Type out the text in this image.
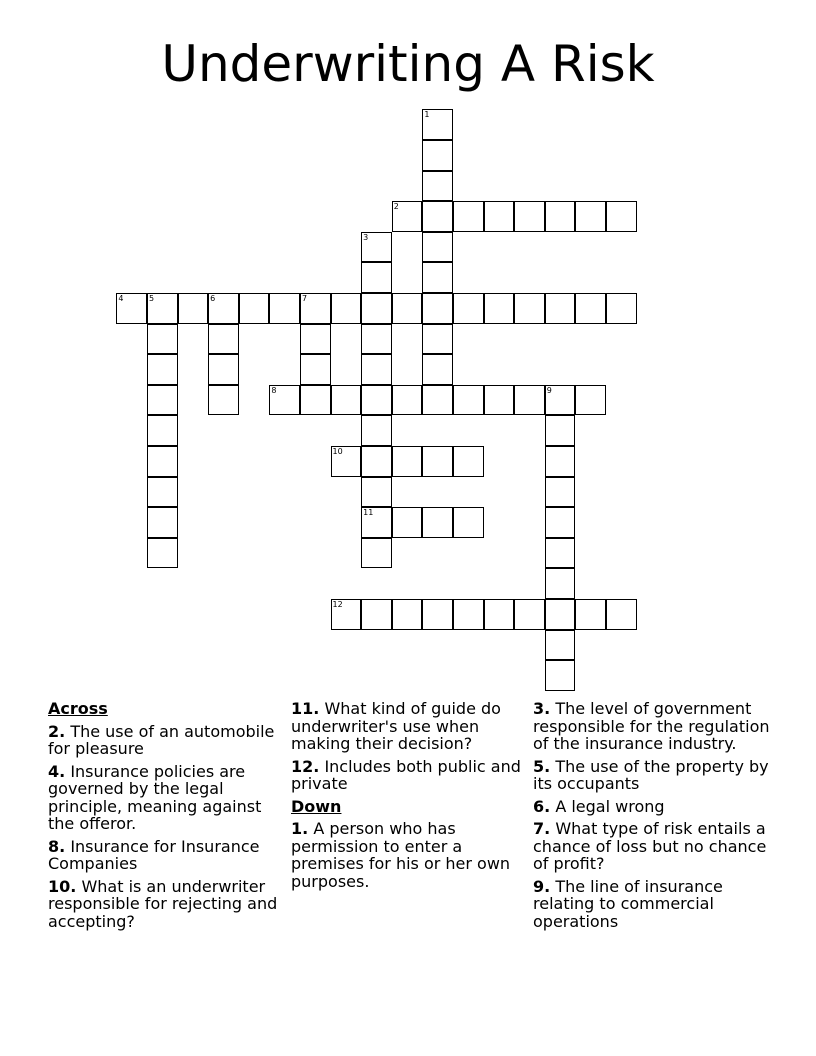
Underwriting A Risk
1
2
3
11
4	5	6	7
8	9
10
12
Across
2. The use of an automobile for pleasure
4. Insurance policies are governed by the legal principle, meaning against the offeror.
8. Insurance for Insurance Companies
10. What is an underwriter responsible for rejecting and accepting?
11. What kind of guide do underwriter's use when making their decision?
12. Includes both public and private
Down
1. A person who has permission to enter a premises for his or her own purposes.
3. The level of government responsible for the regulation of the insurance industry.
5. The use of the property by its occupants
6. A legal wrong
7. What type of risk entails a chance of loss but no chance of profit?
9. The line of insurance relating to commercial operations
